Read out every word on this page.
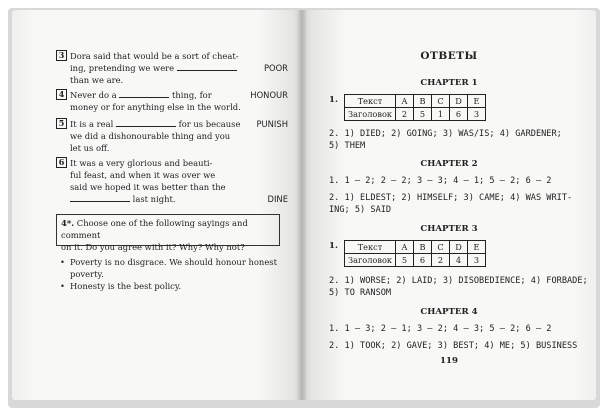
3 Dora said that would be a sort of cheat-
ing, pretending we were
than we are.
POOR
4 Never do a	thing, for
money or for anything else in the world.
HONOUR
5 It is a real	for us because
we did a dishonourable thing and you
let us off.
PUNISH
6 It was a very glorious and beauti-
ful feast, and when it was over we
said we hoped it was better than the
last night.	DINE
4*. Choose one of the following sayings and comment
on it. Do you agree with it? Why? Why not?
• Poverty is no disgrace. We should honour honest
poverty.
• Honesty is the best policy.
ОТВЕТЫ
CHAPTER 1
1. Текст	A	B	C	D	E
Заголовок	2	5	1	6	3
2. 1) DIED; 2) GOING; 3) WAS/IS; 4) GARDENER;
5) THEM
CHAPTER 2
1. 1 — 2; 2 — 2; 3 — 3; 4 — 1; 5 — 2; 6 — 2
2. 1) ELDEST; 2) HIMSELF; 3) CAME; 4) WAS WRIT-
ING; 5) SAID
CHAPTER 3
1. Текст	A	B	C	D	E
Заголовок	5	6	2	4	3
2. 1) WORSE; 2) LAID; 3) DISOBEDIENCE; 4) FORBADE;
5) TO RANSOM
CHAPTER 4
1. 1 — 3; 2 — 1; 3 — 2; 4 — 3; 5 — 2; 6 — 2
2. 1) TOOK; 2) GAVE; 3) BEST; 4) ME; 5) BUSINESS
119
